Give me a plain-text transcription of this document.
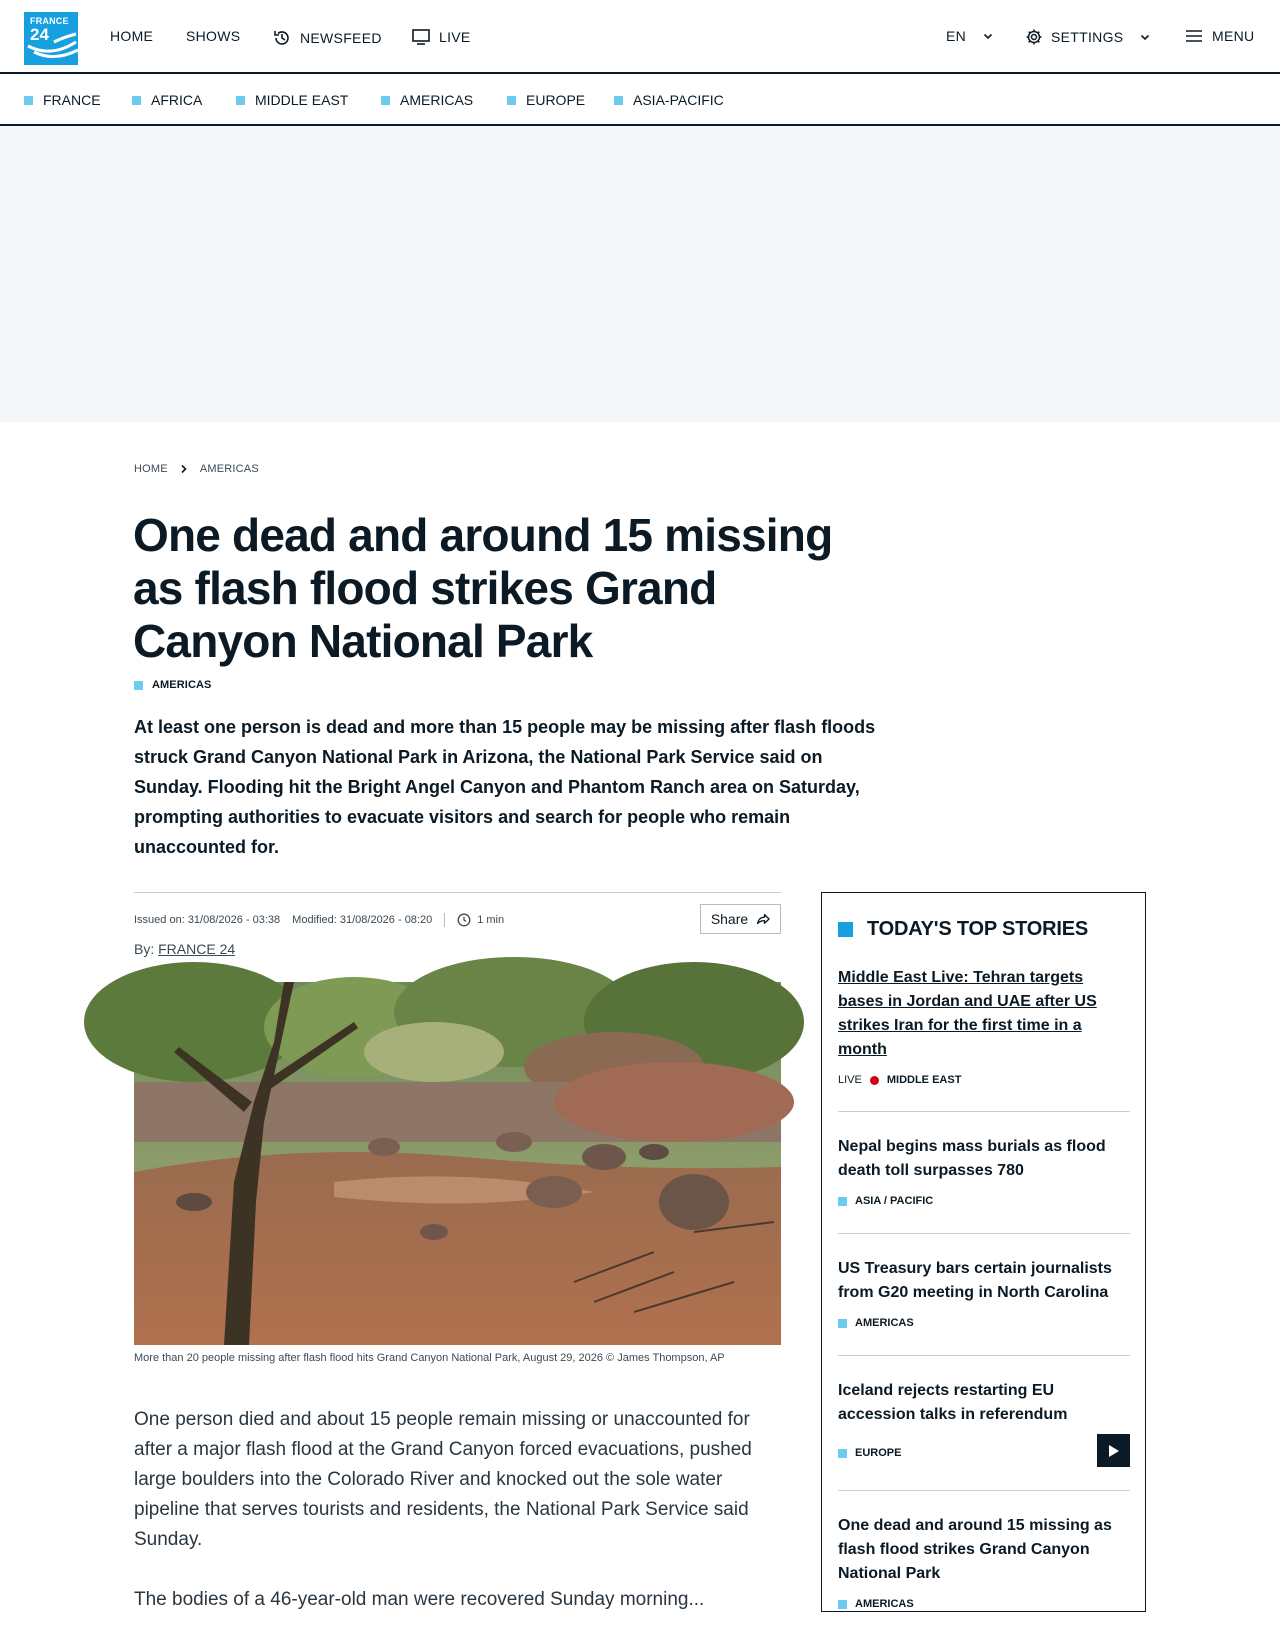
FRANCE
24	HOME SHOWS	NEWSFEED	LIVE	EN	SETTINGS	MENU
FRANCE	AFRICA	MIDDLE EAST	AMERICAS	EUROPE	ASIA-PACIFIC
HOME	AMERICAS
One dead and around 15 missing as flash flood strikes Grand Canyon National Park
AMERICAS

At least one person is dead and more than 15 people may be missing after flash floods struck Grand Canyon National Park in Arizona, the National Park Service said on Sunday. Flooding hit the Bright Angel Canyon and Phantom Ranch area on Saturday, prompting authorities to evacuate visitors and search for people who remain unaccounted for.

Issued on: 31/08/2026 - 03:38 Modified: 31/08/2026 - 08:20	1 min	Share
By: FRANCE 24
More than 20 people missing after flash flood hits Grand Canyon National Park, August 29, 2026 © James Thompson, AP

One person died and about 15 people remain missing or unaccounted for after a major flash flood at the Grand Canyon forced evacuations, pushed large boulders into the Colorado River and knocked out the sole water pipeline that serves tourists and residents, the National Park Service said Sunday.

The bodies of a 46-year-old man were recovered Sunday morning...

TODAY'S TOP STORIES
Middle East Live: Tehran targets bases in Jordan and UAE after US strikes Iran for the first time in a month
LIVE MIDDLE EAST
Nepal begins mass burials as flood death toll surpasses 780
ASIA / PACIFIC
US Treasury bars certain journalists from G20 meeting in North Carolina
AMERICAS
Iceland rejects restarting EU accession talks in referendum
EUROPE
One dead and around 15 missing as flash flood strikes Grand Canyon National Park
AMERICAS
